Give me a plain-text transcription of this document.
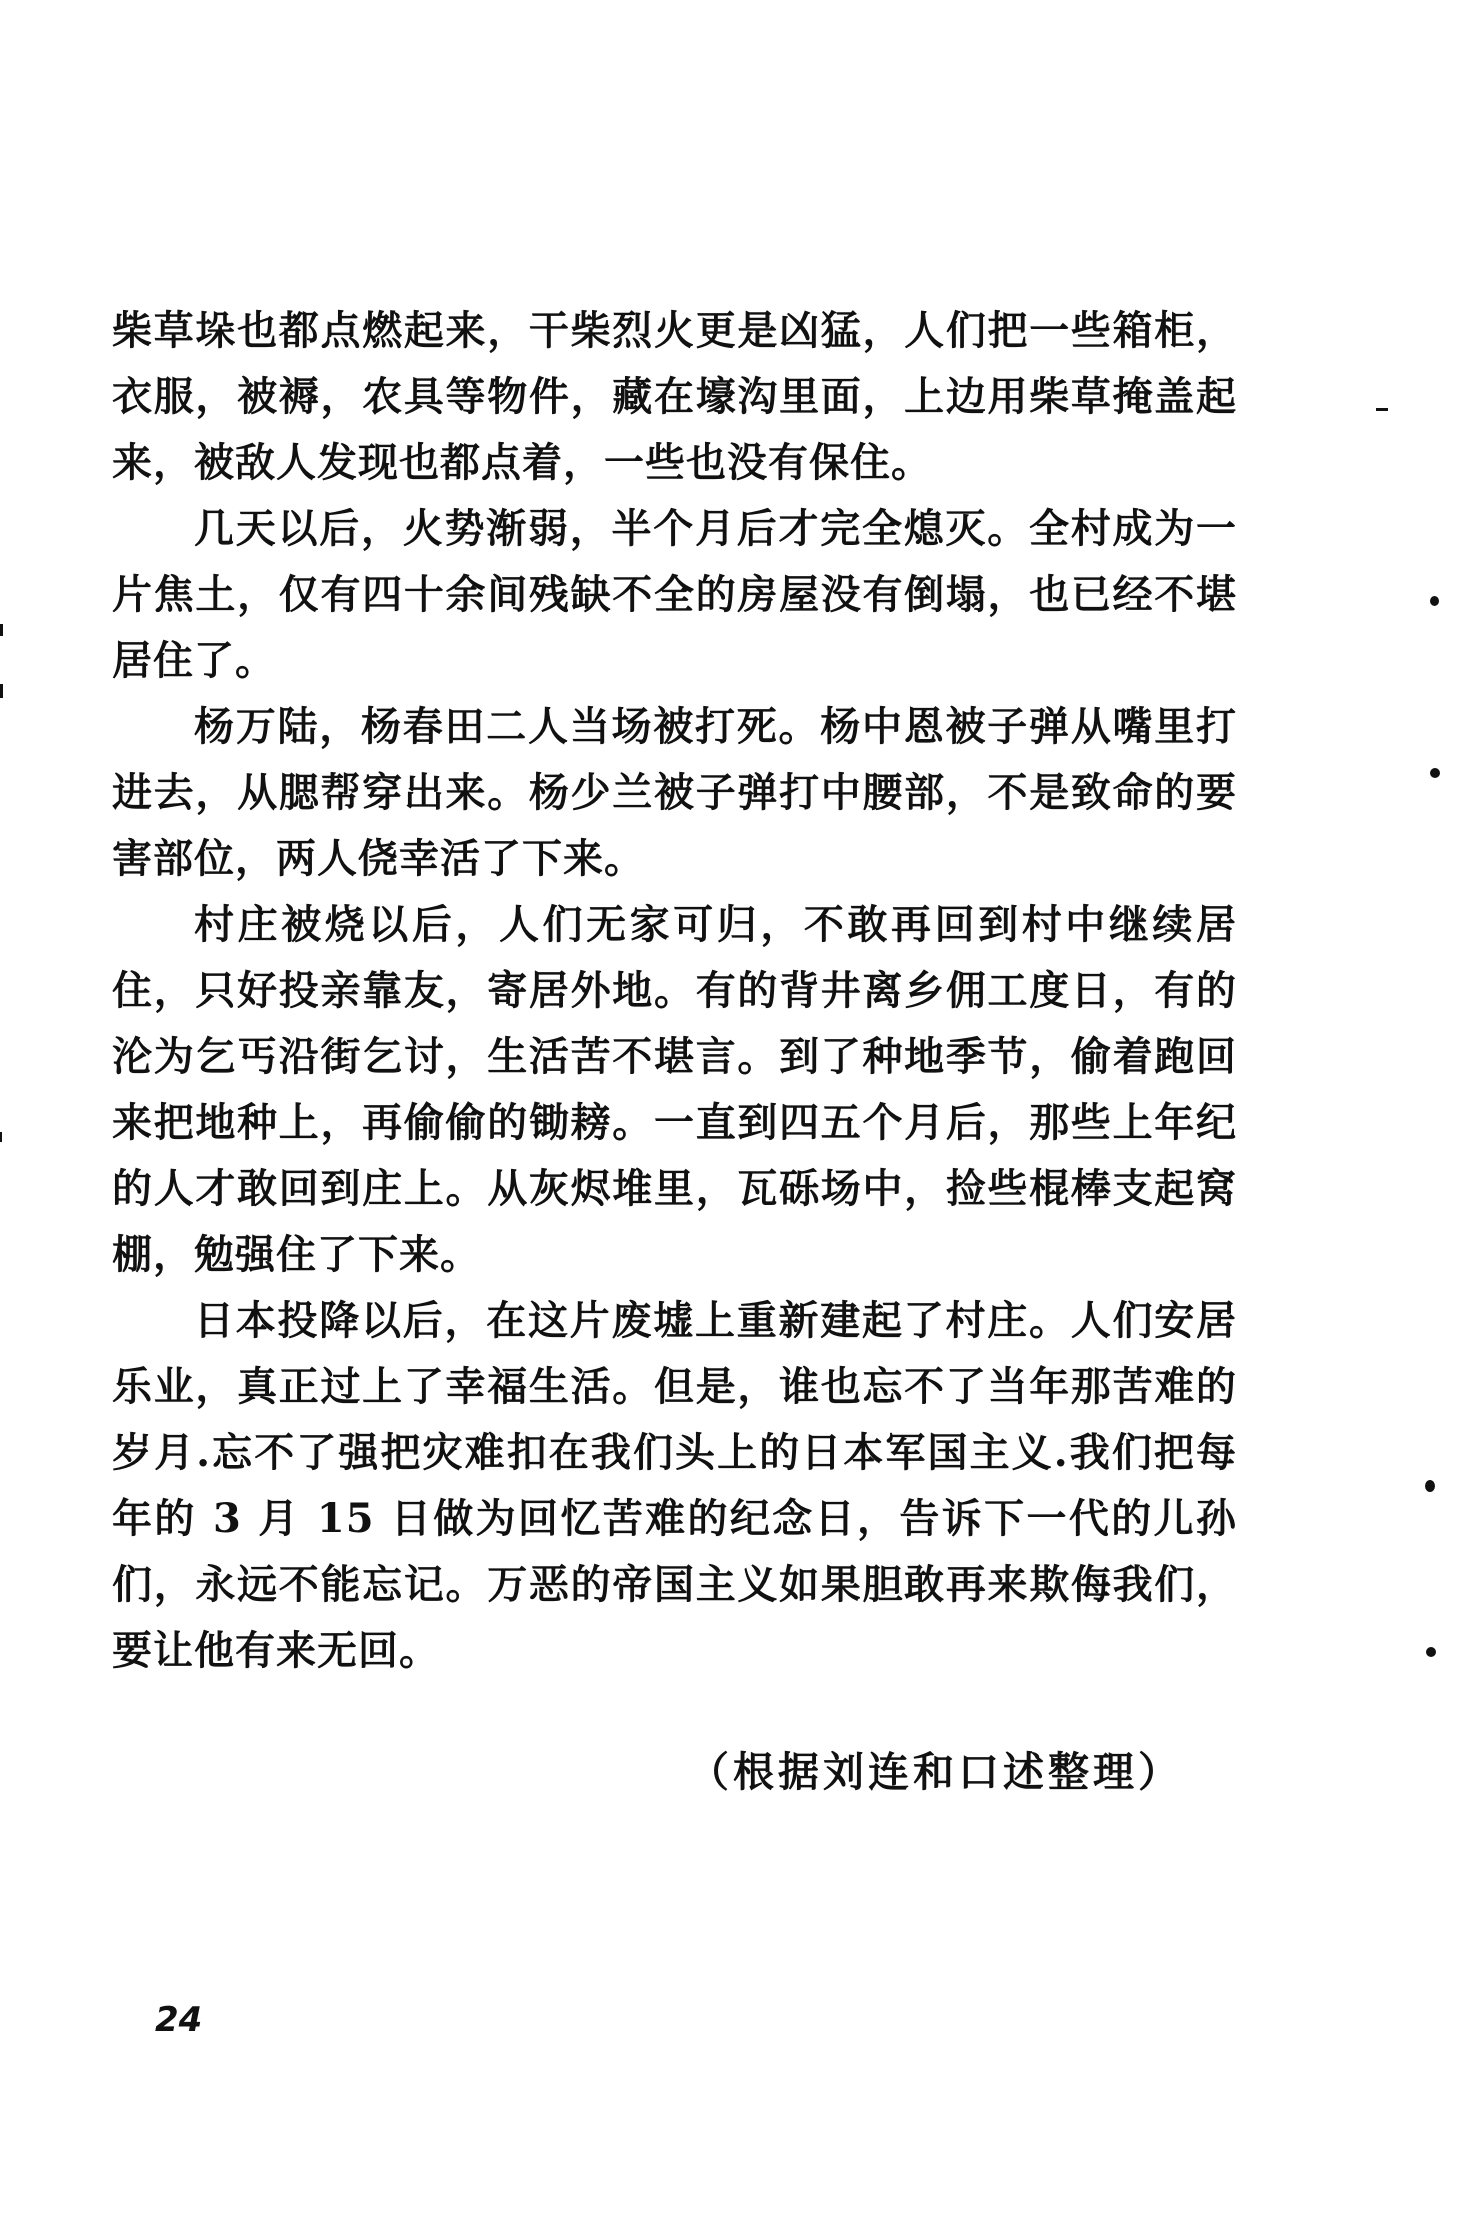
柴草垛也都点燃起来，干柴烈火更是凶猛，人们把一些箱柜，衣服，被褥，农具等物件，藏在壕沟里面，上边用柴草掩盖起来，被敌人发现也都点着，一些也没有保住。

几天以后，火势渐弱，半个月后才完全熄灭。全村成为一片焦土，仅有四十余间残缺不全的房屋没有倒塌，也已经不堪居住了。

杨万陆，杨春田二人当场被打死。杨中恩被子弹从嘴里打进去，从腮帮穿出来。杨少兰被子弹打中腰部，不是致命的要害部位，两人侥幸活了下来。

村庄被烧以后，人们无家可归，不敢再回到村中继续居住，只好投亲靠友，寄居外地。有的背井离乡佣工度日，有的沦为乞丐沿街乞讨，生活苦不堪言。到了种地季节，偷着跑回来把地种上，再偷偷的锄耪。一直到四五个月后，那些上年纪的人才敢回到庄上。从灰烬堆里，瓦砾场中，捡些棍棒支起窝棚，勉强住了下来。

日本投降以后，在这片废墟上重新建起了村庄。人们安居乐业，真正过上了幸福生活。但是，谁也忘不了当年那苦难的岁月.忘不了强把灾难扣在我们头上的日本军国主义.我们把每年的 3 月 15 日做为回忆苦难的纪念日，告诉下一代的儿孙们，永远不能忘记。万恶的帝国主义如果胆敢再来欺侮我们，要让他有来无回。

（根据刘连和口述整理）
24
